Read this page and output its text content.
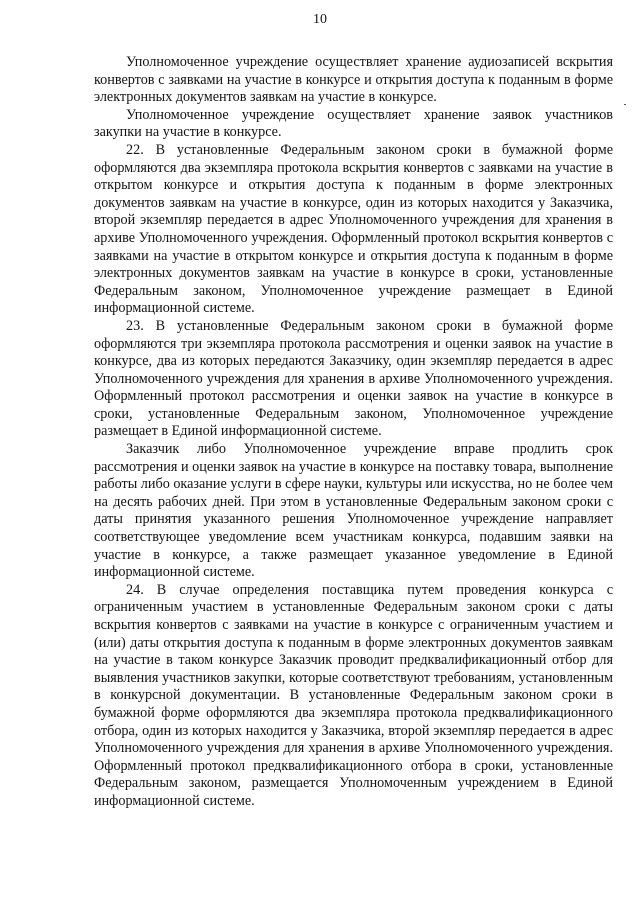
10

Уполномоченное учреждение осуществляет хранение аудиозаписей вскрытия конвертов с заявками на участие в конкурсе и открытия доступа к поданным в форме электронных документов заявкам на участие в конкурсе.

Уполномоченное учреждение осуществляет хранение заявок участников закупки на участие в конкурсе.

22. В установленные Федеральным законом сроки в бумажной форме оформляются два экземпляра протокола вскрытия конвертов с заявками на участие в открытом конкурсе и открытия доступа к поданным в форме электронных документов заявкам на участие в конкурсе, один из которых находится у Заказчика, второй экземпляр передается в адрес Уполномоченного учреждения для хранения в архиве Уполномоченного учреждения. Оформленный протокол вскрытия конвертов с заявками на участие в открытом конкурсе и открытия доступа к поданным в форме электронных документов заявкам на участие в конкурсе в сроки, установленные Федеральным законом, Уполномоченное учреждение размещает в Единой информационной системе.

23. В установленные Федеральным законом сроки в бумажной форме оформляются три экземпляра протокола рассмотрения и оценки заявок на участие в конкурсе, два из которых передаются Заказчику, один экземпляр передается в адрес Уполномоченного учреждения для хранения в архиве Уполномоченного учреждения. Оформленный протокол рассмотрения и оценки заявок на участие в конкурсе в сроки, установленные Федеральным законом, Уполномоченное учреждение размещает в Единой информационной системе.

Заказчик либо Уполномоченное учреждение вправе продлить срок рассмотрения и оценки заявок на участие в конкурсе на поставку товара, выполнение работы либо оказание услуги в сфере науки, культуры или искусства, но не более чем на десять рабочих дней. При этом в установленные Федеральным законом сроки с даты принятия указанного решения Уполномоченное учреждение направляет соответствующее уведомление всем участникам конкурса, подавшим заявки на участие в конкурсе, а также размещает указанное уведомление в Единой информационной системе.

24. В случае определения поставщика путем проведения конкурса с ограниченным участием в установленные Федеральным законом сроки с даты вскрытия конвертов с заявками на участие в конкурсе с ограниченным участием и (или) даты открытия доступа к поданным в форме электронных документов заявкам на участие в таком конкурсе Заказчик проводит предквалификационный отбор для выявления участников закупки, которые соответствуют требованиям, установленным в конкурсной документации. В установленные Федеральным законом сроки в бумажной форме оформляются два экземпляра протокола предквалификационного отбора, один из которых находится у Заказчика, второй экземпляр передается в адрес Уполномоченного учреждения для хранения в архиве Уполномоченного учреждения. Оформленный протокол предквалификационного отбора в сроки, установленные Федеральным законом, размещается Уполномоченным учреждением в Единой информационной системе.
